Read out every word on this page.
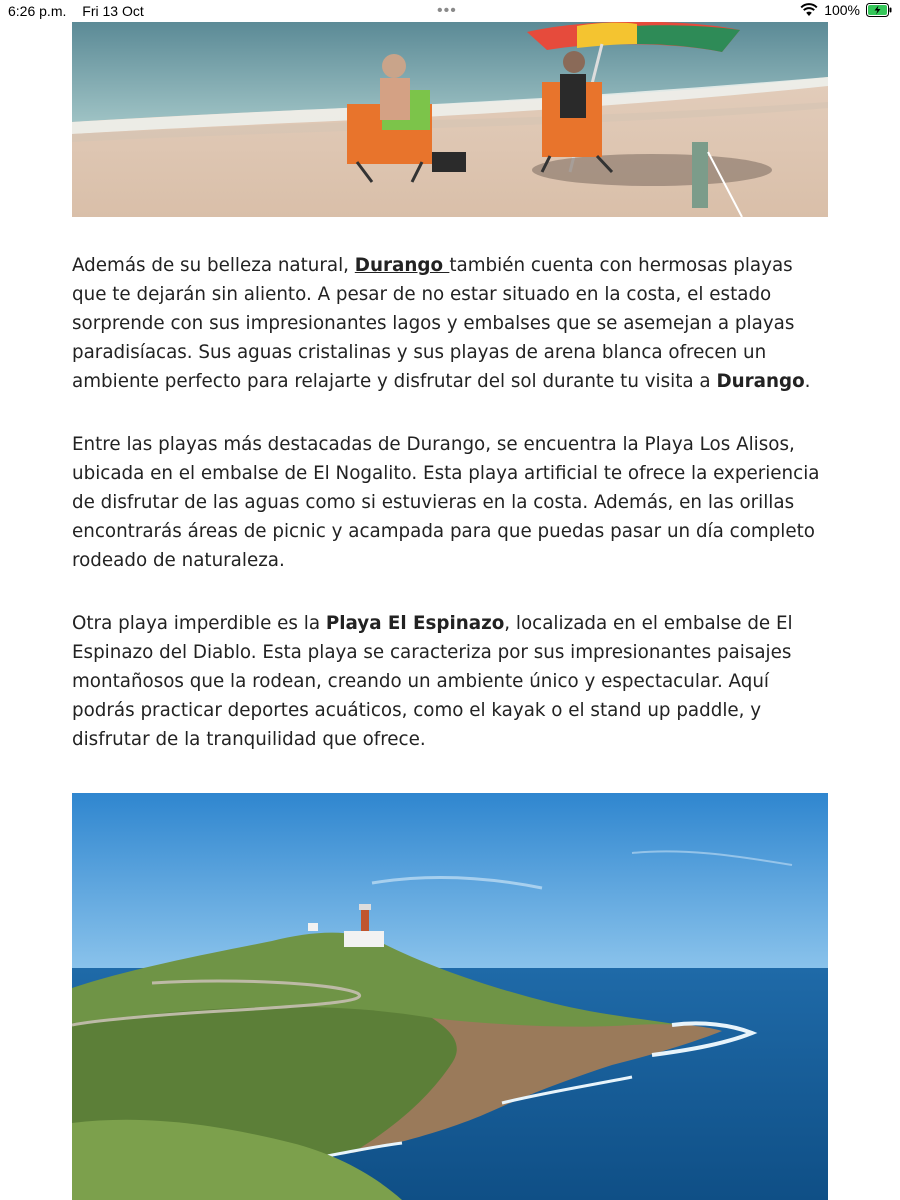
6:26 p.m. Fri 13 Oct	•••	100%

Además de su belleza natural, Durango también cuenta con hermosas playas que te dejarán sin aliento. A pesar de no estar situado en la costa, el estado sorprende con sus impresionantes lagos y embalses que se asemejan a playas paradisíacas. Sus aguas cristalinas y sus playas de arena blanca ofrecen un ambiente perfecto para relajarte y disfrutar del sol durante tu visita a Durango.

Entre las playas más destacadas de Durango, se encuentra la Playa Los Alisos, ubicada en el embalse de El Nogalito. Esta playa artificial te ofrece la experiencia de disfrutar de las aguas como si estuvieras en la costa. Además, en las orillas encontrarás áreas de picnic y acampada para que puedas pasar un día completo rodeado de naturaleza.

Otra playa imperdible es la Playa El Espinazo, localizada en el embalse de El Espinazo del Diablo. Esta playa se caracteriza por sus impresionantes paisajes montañosos que la rodean, creando un ambiente único y espectacular. Aquí podrás practicar deportes acuáticos, como el kayak o el stand up paddle, y disfrutar de la tranquilidad que ofrece.
